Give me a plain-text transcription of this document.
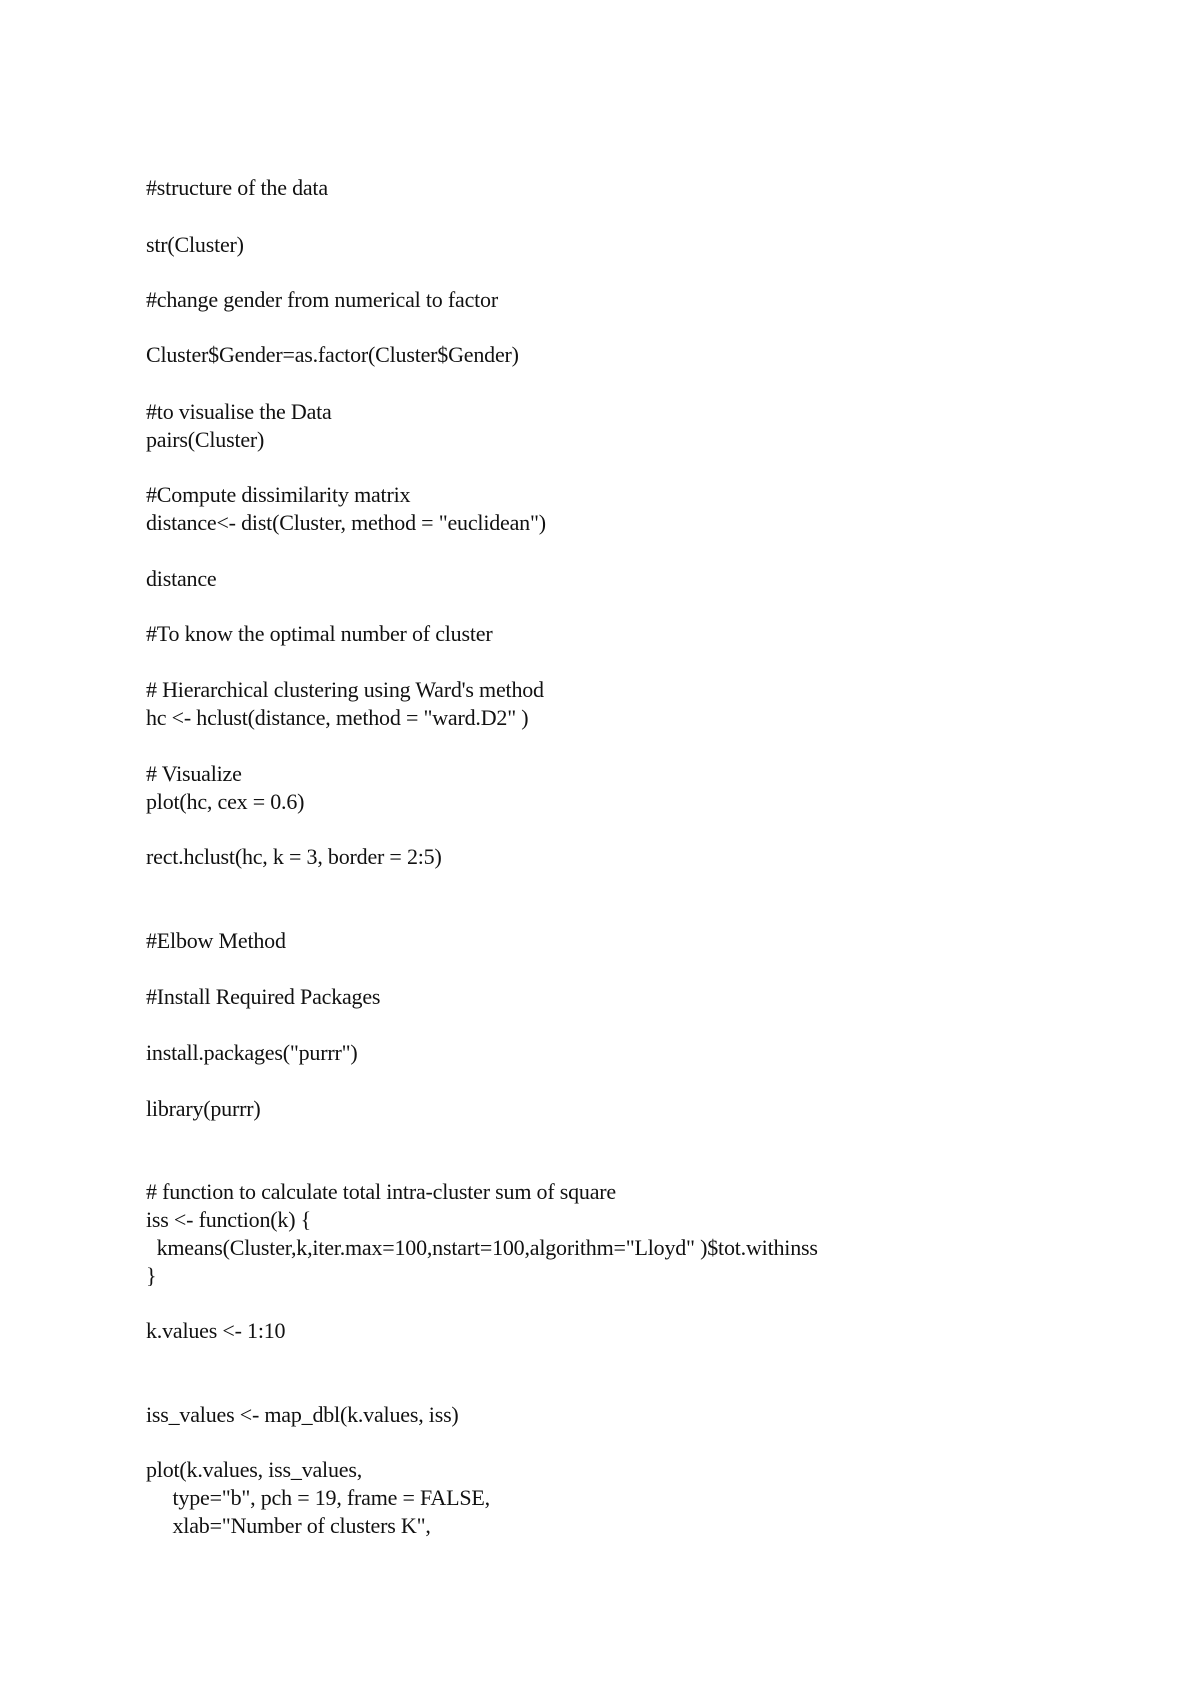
#structure of the data
str(Cluster)
#change gender from numerical to factor
Cluster$Gender=as.factor(Cluster$Gender)
#to visualise the Data
pairs(Cluster)
#Compute dissimilarity matrix
distance<- dist(Cluster, method = "euclidean")
distance
#To know the optimal number of cluster
# Hierarchical clustering using Ward's method
hc <- hclust(distance, method = "ward.D2" )
# Visualize
plot(hc, cex = 0.6)
rect.hclust(hc, k = 3, border = 2:5)
#Elbow Method
#Install Required Packages
install.packages("purrr")
library(purrr)
# function to calculate total intra-cluster sum of square
iss <- function(k) {
kmeans(Cluster,k,iter.max=100,nstart=100,algorithm="Lloyd" )$tot.withinss
}
k.values <- 1:10
iss_values <- map_dbl(k.values, iss)
plot(k.values, iss_values,
type="b", pch = 19, frame = FALSE,
xlab="Number of clusters K",
